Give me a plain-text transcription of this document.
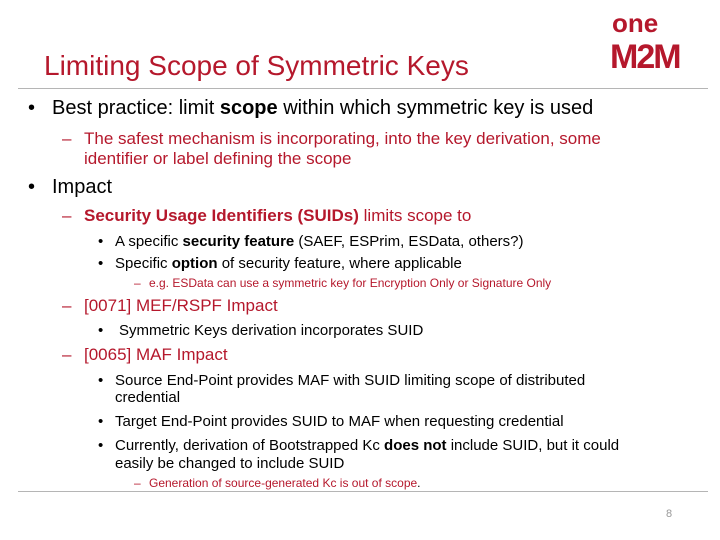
Limiting Scope of Symmetric Keys
one
M2M
• Best practice: limit scope within which symmetric key is used
– The safest mechanism is incorporating, into the key derivation, some
identifier or label defining the scope
• Impact
– Security Usage Identifiers (SUIDs) limits scope to
• A specific security feature (SAEF, ESPrim, ESData, others?)
• Specific option of security feature, where applicable
– e.g. ESData can use a symmetric key for Encryption Only or Signature Only
– [0071] MEF/RSPF Impact
• Symmetric Keys derivation incorporates SUID
– [0065] MAF Impact
• Source End-Point provides MAF with SUID limiting scope of distributed
credential
• Target End-Point provides SUID to MAF when requesting credential
• Currently, derivation of Bootstrapped Kc does not include SUID, but it could
easily be changed to include SUID
– Generation of source-generated Kc is out of scope.
8
